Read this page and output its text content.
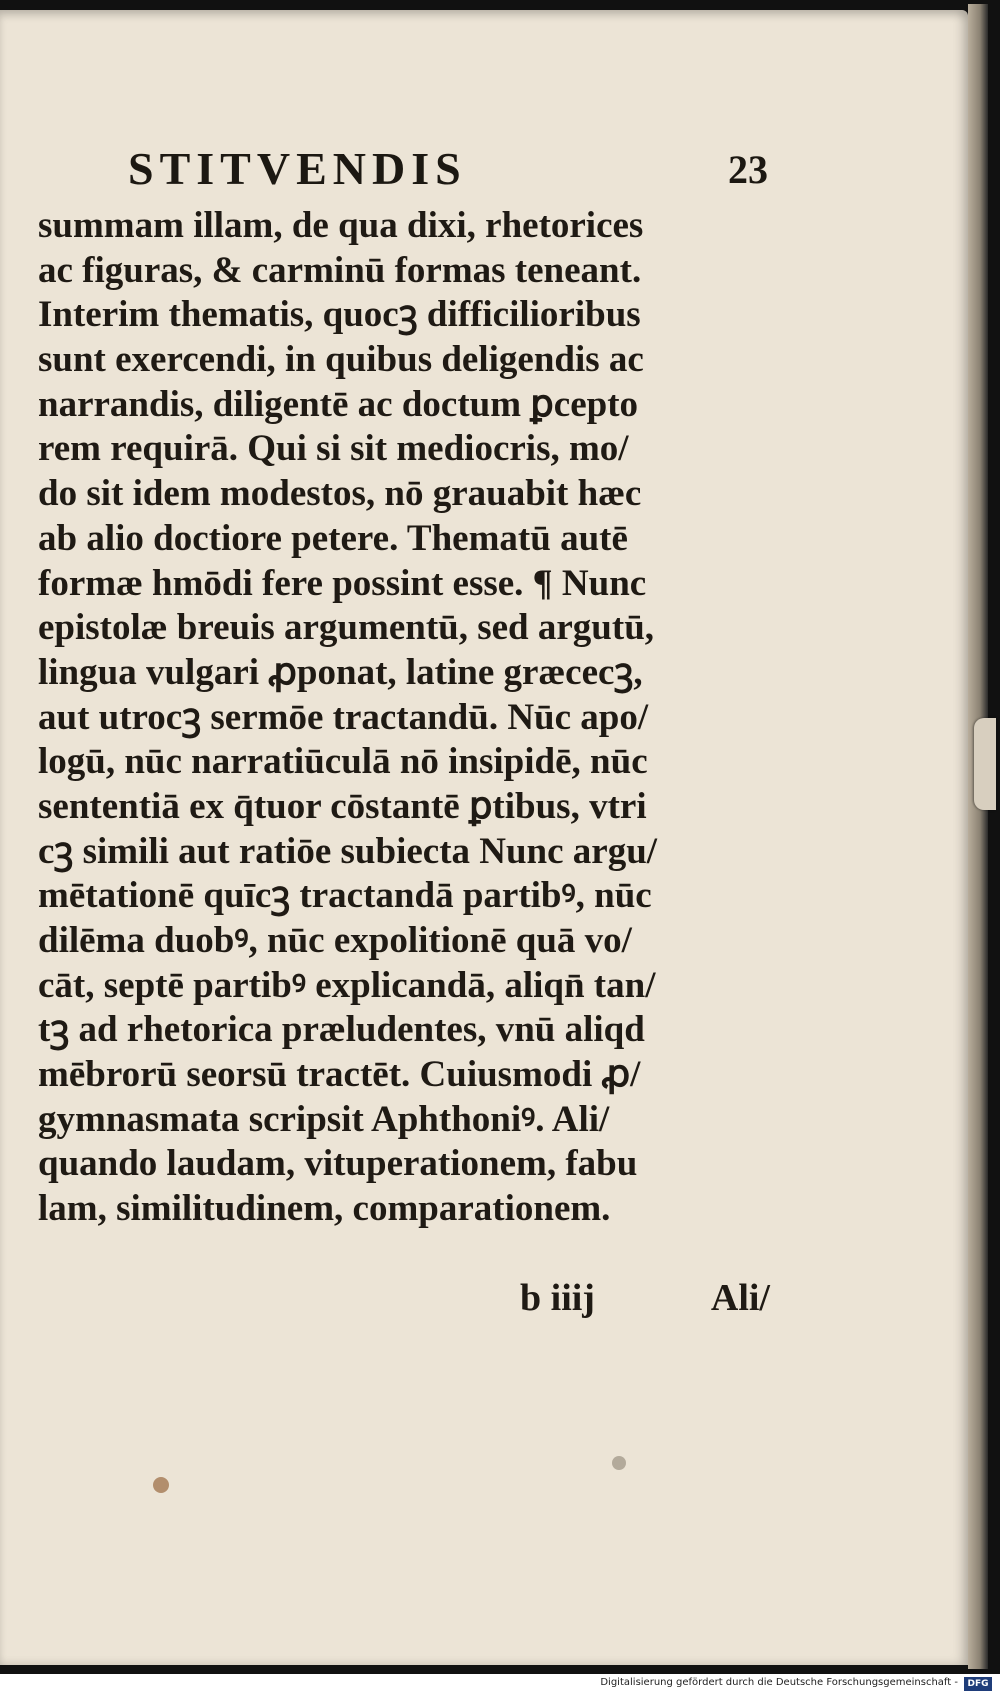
STITVENDIS	23
summam illam, de qua dixi, rhetorices
ac figuras, & carminū formas teneant.
Interim thematis, quocꝫ difficilioribus
sunt exercendi, in quibus deligendis ac
narrandis, diligentē ac doctum ꝑcepto
rem requirā. Qui si sit mediocris, mo/
do sit idem modestos, nō grauabit hæc
ab alio doctiore petere. Thematū autē
formæ hmōdi fere possint esse. ¶ Nunc
epistolæ breuis argumentū, sed argutū,
lingua vulgari ꝓponat, latine græcecꝫ,
aut utrocꝫ sermōe tractandū. Nūc apo/
logū, nūc narratiūculā nō insipidē, nūc
sententiā ex q̄tuor cōstantē ꝑtibus, vtri
cꝫ simili aut ratiōe subiecta Nunc argu/
mētationē quīcꝫ tractandā partibꝰ, nūc
dilēma duobꝰ, nūc expolitionē quā vo/
cāt, septē partibꝰ explicandā, aliqn̄ tan/
tꝫ ad rhetorica præludentes, vnū aliqd
mēbrorū seorsū tractēt. Cuiusmodi ꝓ/
gymnasmata scripsit Aphthoniꝰ. Ali/
quando laudam, vituperationem, fabu
lam, similitudinem, comparationem.
b iiij	Ali/
Digitalisierung gefördert durch die Deutsche Forschungsgemeinschaft -	DFG
